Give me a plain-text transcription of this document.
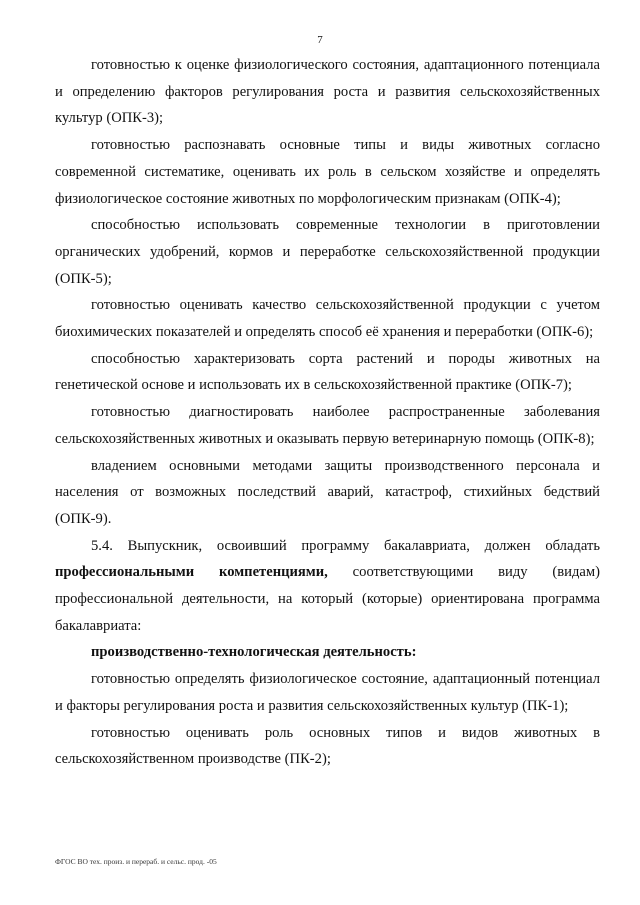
7

готовностью к оценке физиологического состояния, адаптационного потенциала и определению факторов регулирования роста и развития сельскохозяйственных культур (ОПК-3);

готовностью распознавать основные типы и виды животных согласно современной систематике, оценивать их роль в сельском хозяйстве и определять физиологическое состояние животных по морфологическим признакам (ОПК-4);

способностью использовать современные технологии в приготовлении органических удобрений, кормов и переработке сельскохозяйственной продукции (ОПК-5);

готовностью оценивать качество сельскохозяйственной продукции с учетом биохимических показателей и определять способ её хранения и переработки (ОПК-6);

способностью характеризовать сорта растений и породы животных на генетической основе и использовать их в сельскохозяйственной практике (ОПК-7);

готовностью диагностировать наиболее распространенные заболевания сельскохозяйственных животных и оказывать первую ветеринарную помощь (ОПК-8);

владением основными методами защиты производственного персонала и населения от возможных последствий аварий, катастроф, стихийных бедствий (ОПК-9).

5.4. Выпускник, освоивший программу бакалавриата, должен обладать профессиональными компетенциями, соответствующими виду (видам) профессиональной деятельности, на который (которые) ориентирована программа бакалавриата:

производственно-технологическая деятельность:

готовностью определять физиологическое состояние, адаптационный потенциал и факторы регулирования роста и развития сельскохозяйственных культур (ПК-1);

готовностью оценивать роль основных типов и видов животных в сельскохозяйственном производстве (ПК-2);

ФГОС ВО тех. произ. и перераб. и сельс. прод. -05
